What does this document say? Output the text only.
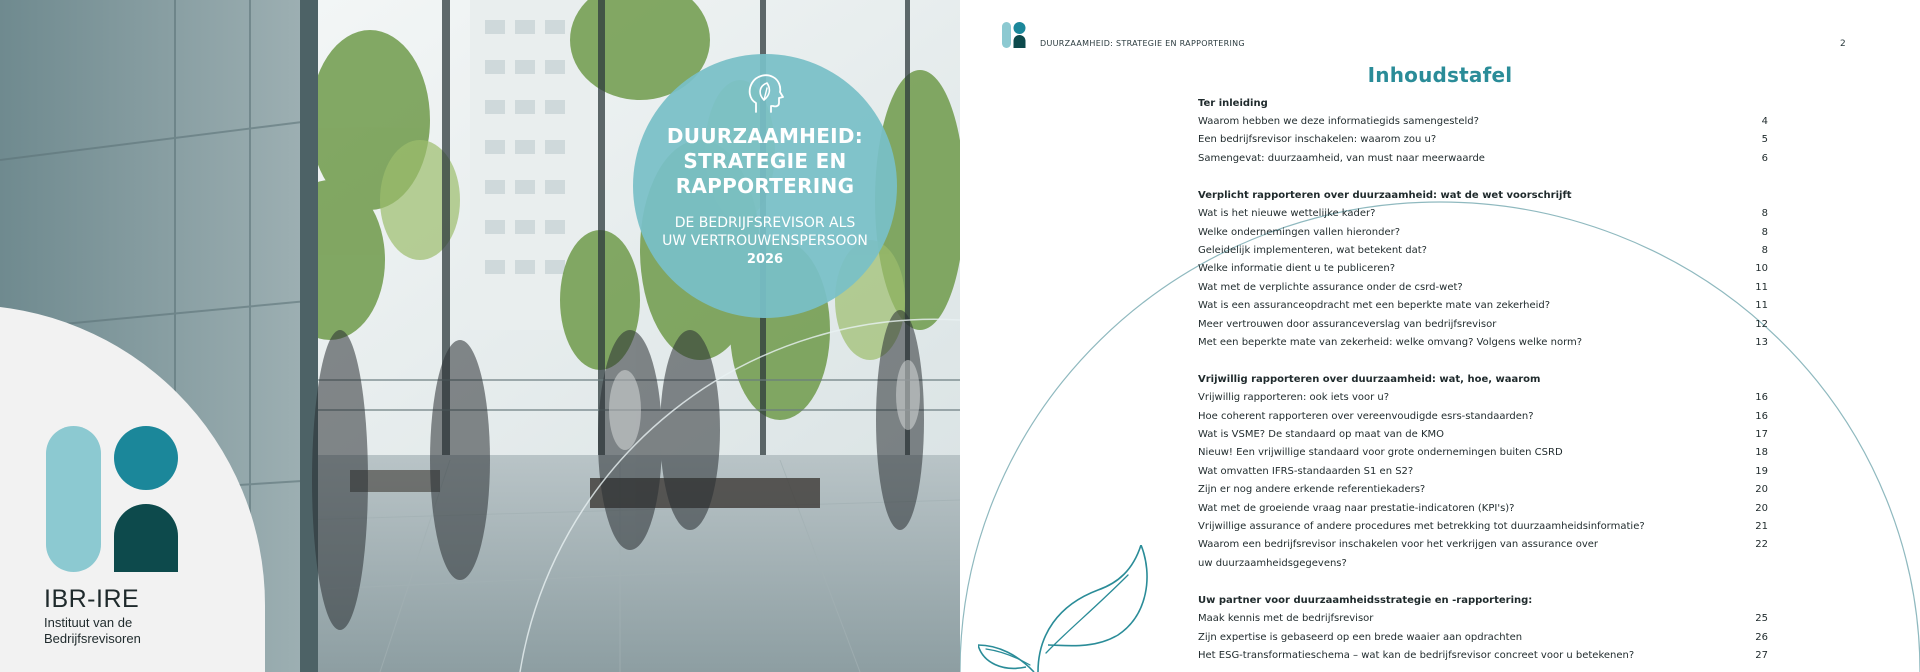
IBR-IRE
Instituut van de
Bedrijfsrevisoren
DUURZAAMHEID:
STRATEGIE EN
RAPPORTERING
DE BEDRIJFSREVISOR ALS
UW VERTROUWENSPERSOON
2026
DUURZAAMHEID: STRATEGIE EN RAPPORTERING	2
Inhoudstafel
Ter inleiding
Waarom hebben we deze informatiegids samengesteld?	4
Een bedrijfsrevisor inschakelen: waarom zou u?	5
Samengevat: duurzaamheid, van must naar meerwaarde	6
Verplicht rapporteren over duurzaamheid: wat de wet voorschrijft
Wat is het nieuwe wettelijke kader?	8
Welke ondernemingen vallen hieronder?	8
Geleidelijk implementeren, wat betekent dat?	8
Welke informatie dient u te publiceren?	10
Wat met de verplichte assurance onder de csrd-wet?	11
Wat is een assuranceopdracht met een beperkte mate van zekerheid?	11
Meer vertrouwen door assuranceverslag van bedrijfsrevisor	12
Met een beperkte mate van zekerheid: welke omvang? Volgens welke norm?	13
Vrijwillig rapporteren over duurzaamheid: wat, hoe, waarom
Vrijwillig rapporteren: ook iets voor u?	16
Hoe coherent rapporteren over vereenvoudigde esrs-standaarden?	16
Wat is VSME? De standaard op maat van de KMO	17
Nieuw! Een vrijwillige standaard voor grote ondernemingen buiten CSRD	18
Wat omvatten IFRS-standaarden S1 en S2?	19
Zijn er nog andere erkende referentiekaders?	20
Wat met de groeiende vraag naar prestatie-indicatoren (KPI's)?	20
Vrijwillige assurance of andere procedures met betrekking tot duurzaamheidsinformatie?	21
Waarom een bedrijfsrevisor inschakelen voor het verkrijgen van assurance over	22
uw duurzaamheidsgegevens?
Uw partner voor duurzaamheidsstrategie en -rapportering:
Maak kennis met de bedrijfsrevisor	25
Zijn expertise is gebaseerd op een brede waaier aan opdrachten	26
Het ESG-transformatieschema – wat kan de bedrijfsrevisor concreet voor u betekenen?	27
